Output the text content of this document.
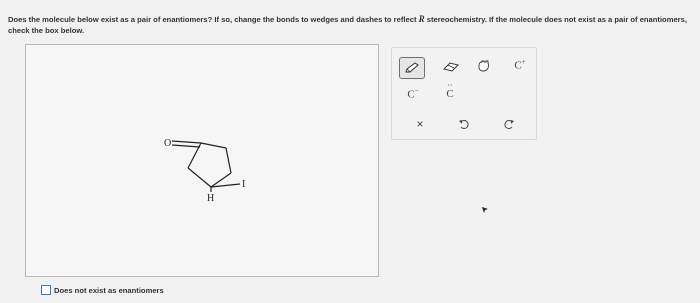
Does the molecule below exist as a pair of enantiomers? If so, change the bonds to wedges and dashes to reflect R stereochemistry. If the molecule does not exist as a pair of enantiomers, check the box below.
O
H
I
C+
C−	C
··
×
Does not exist as enantiomers
